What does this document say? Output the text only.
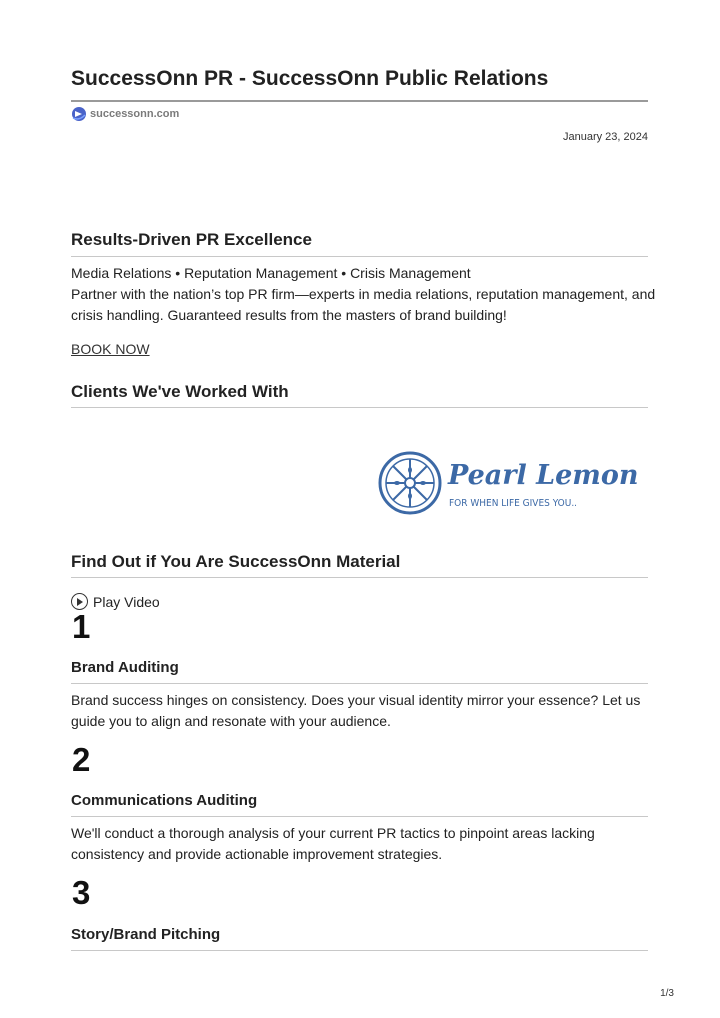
SuccessOnn PR - SuccessOnn Public Relations
successonn.com
January 23, 2024
Results-Driven PR Excellence
Media Relations • Reputation Management • Crisis Management
Partner with the nation’s top PR firm—experts in media relations, reputation management, and crisis handling. Guaranteed results from the masters of brand building!
BOOK NOW
Clients We've Worked With
Pearl Lemon
FOR WHEN LIFE GIVES YOU..
Find Out if You Are SuccessOnn Material
Play Video
1
Brand Auditing
Brand success hinges on consistency. Does your visual identity mirror your essence? Let us guide you to align and resonate with your audience.
2
Communications Auditing
We'll conduct a thorough analysis of your current PR tactics to pinpoint areas lacking consistency and provide actionable improvement strategies.
3
Story/Brand Pitching
1/3
